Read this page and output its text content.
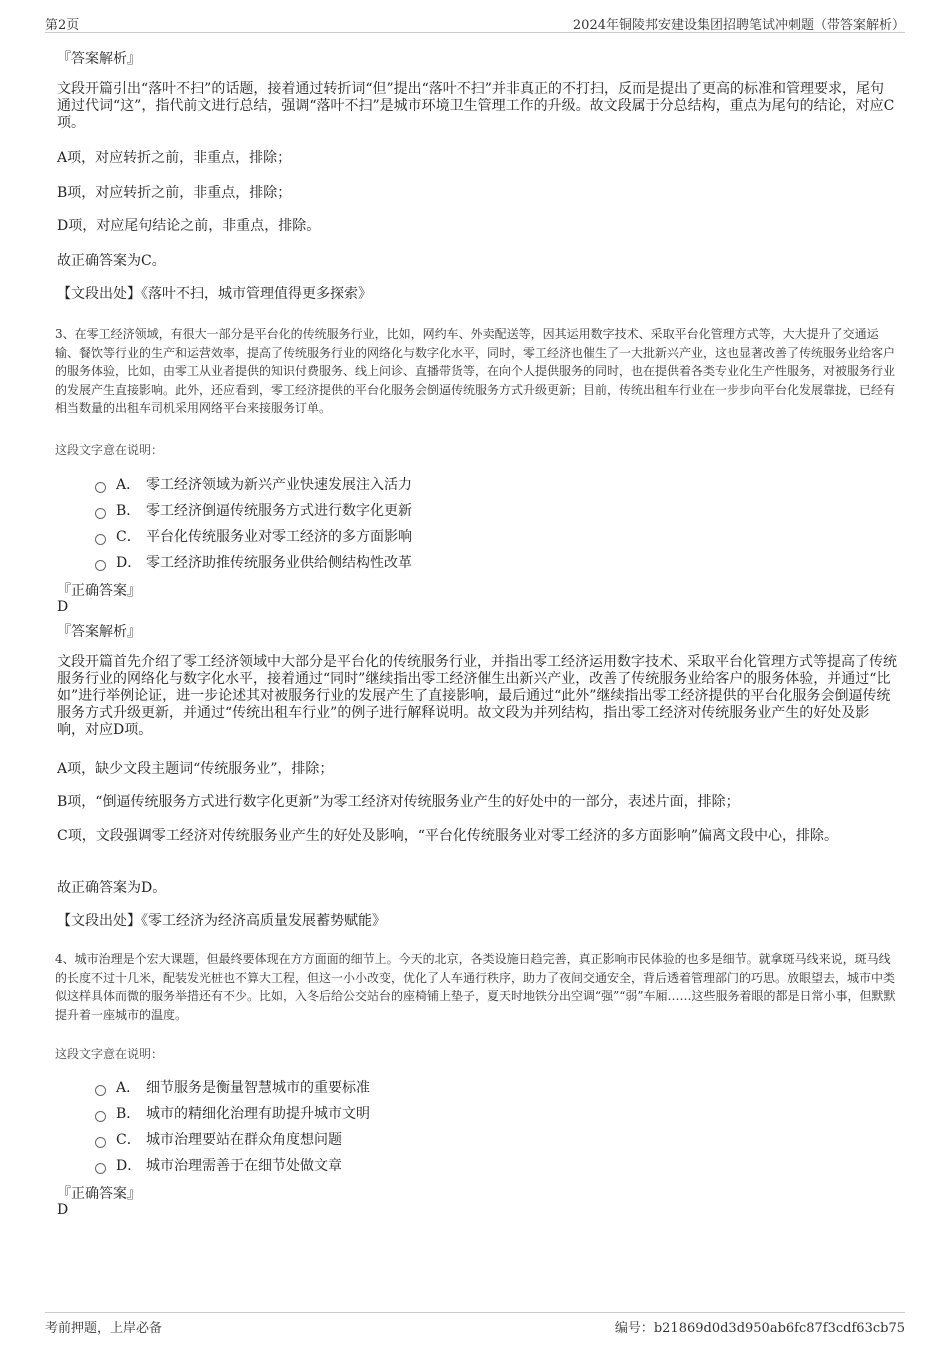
第2页	2024年铜陵邦安建设集团招聘笔试冲刺题（带答案解析）

『答案解析』

文段开篇引出“落叶不扫”的话题，接着通过转折词“但”提出“落叶不扫”并非真正的不打扫，反而是提出了更高的标准和管理要求，尾句通过代词“这”，指代前文进行总结，强调“落叶不扫”是城市环境卫生管理工作的升级。故文段属于分总结构，重点为尾句的结论，对应C项。

A项，对应转折之前，非重点，排除；

B项，对应转折之前，非重点，排除；

D项，对应尾句结论之前，非重点，排除。

故正确答案为C。

【文段出处】《落叶不扫，城市管理值得更多探索》

3、在零工经济领域，有很大一部分是平台化的传统服务行业，比如，网约车、外卖配送等，因其运用数字技术、采取平台化管理方式等，大大提升了交通运输、餐饮等行业的生产和运营效率，提高了传统服务行业的网络化与数字化水平，同时，零工经济也催生了一大批新兴产业，这也显著改善了传统服务业给客户的服务体验，比如，由零工从业者提供的知识付费服务、线上问诊、直播带货等，在向个人提供服务的同时，也在提供着各类专业化生产性服务，对被服务行业的发展产生直接影响。此外，还应看到，零工经济提供的平台化服务会倒逼传统服务方式升级更新；目前，传统出租车行业在一步步向平台化发展靠拢，已经有相当数量的出租车司机采用网络平台来接服务订单。

这段文字意在说明：

A． 零工经济领域为新兴产业快速发展注入活力
B． 零工经济倒逼传统服务方式进行数字化更新
C． 平台化传统服务业对零工经济的多方面影响
D． 零工经济助推传统服务业供给侧结构性改革

『正确答案』

D

『答案解析』

文段开篇首先介绍了零工经济领域中大部分是平台化的传统服务行业，并指出零工经济运用数字技术、采取平台化管理方式等提高了传统服务行业的网络化与数字化水平，接着通过“同时”继续指出零工经济催生出新兴产业，改善了传统服务业给客户的服务体验，并通过“比如”进行举例论证，进一步论述其对被服务行业的发展产生了直接影响，最后通过“此外”继续指出零工经济提供的平台化服务会倒逼传统服务方式升级更新，并通过“传统出租车行业”的例子进行解释说明。故文段为并列结构，指出零工经济对传统服务业产生的好处及影响，对应D项。

A项，缺少文段主题词“传统服务业”，排除；

B项，“倒逼传统服务方式进行数字化更新”为零工经济对传统服务业产生的好处中的一部分，表述片面，排除；

C项，文段强调零工经济对传统服务业产生的好处及影响，“平台化传统服务业对零工经济的多方面影响”偏离文段中心，排除。

故正确答案为D。

【文段出处】《零工经济为经济高质量发展蓄势赋能》

4、城市治理是个宏大课题，但最终要体现在方方面面的细节上。今天的北京，各类设施日趋完善，真正影响市民体验的也多是细节。就拿斑马线来说，斑马线的长度不过十几米，配装发光桩也不算大工程，但这一小小改变，优化了人车通行秩序，助力了夜间交通安全，背后透着管理部门的巧思。放眼望去，城市中类似这样具体而微的服务举措还有不少。比如，入冬后给公交站台的座椅铺上垫子，夏天时地铁分出空调“强”“弱”车厢……这些服务着眼的都是日常小事，但默默提升着一座城市的温度。

这段文字意在说明：

A． 细节服务是衡量智慧城市的重要标准
B． 城市的精细化治理有助提升城市文明
C． 城市治理要站在群众角度想问题
D． 城市治理需善于在细节处做文章

『正确答案』

D

考前押题，上岸必备	编号：b21869d0d3d950ab6fc87f3cdf63cb75
